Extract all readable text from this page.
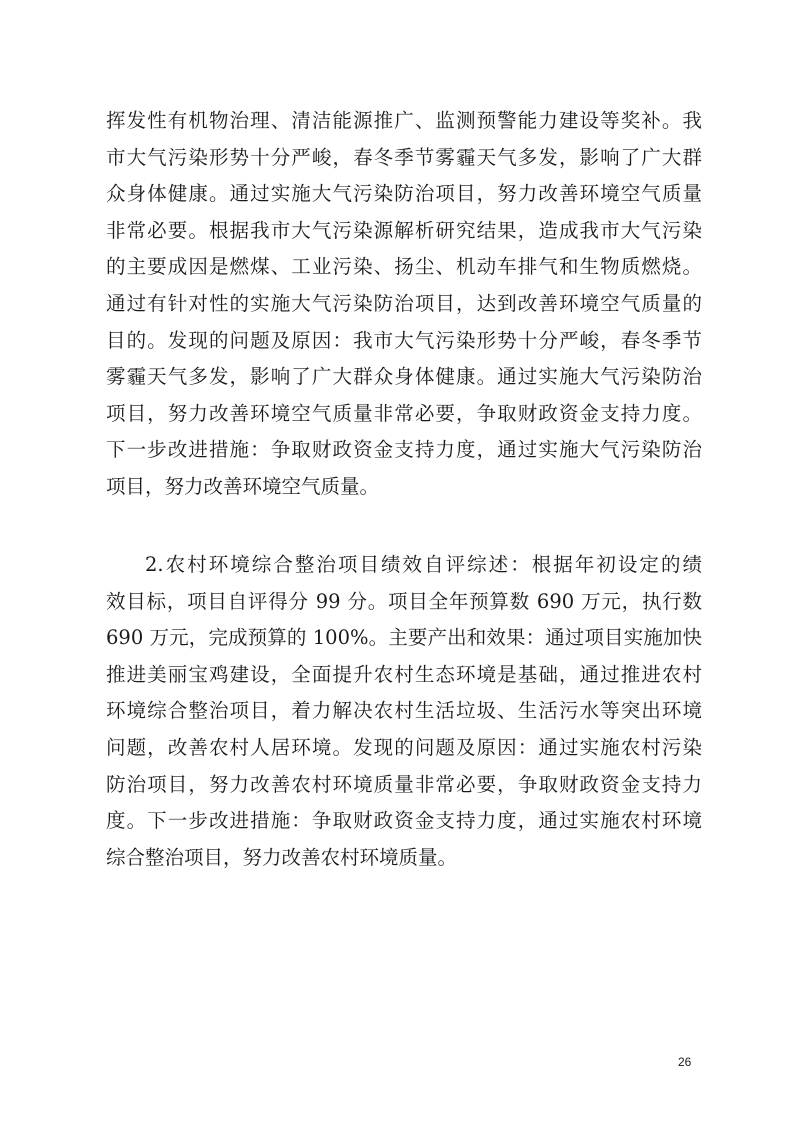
挥发性有机物治理、清洁能源推广、监测预警能力建设等奖补。我
市大气污染形势十分严峻，春冬季节雾霾天气多发，影响了广大群
众身体健康。通过实施大气污染防治项目，努力改善环境空气质量
非常必要。根据我市大气污染源解析研究结果，造成我市大气污染
的主要成因是燃煤、工业污染、扬尘、机动车排气和生物质燃烧。
通过有针对性的实施大气污染防治项目，达到改善环境空气质量的
目的。发现的问题及原因：我市大气污染形势十分严峻，春冬季节
雾霾天气多发，影响了广大群众身体健康。通过实施大气污染防治
项目，努力改善环境空气质量非常必要，争取财政资金支持力度。
下一步改进措施：争取财政资金支持力度，通过实施大气污染防治
项目，努力改善环境空气质量。
2.农村环境综合整治项目绩效自评综述：根据年初设定的绩
效目标，项目自评得分 99 分。项目全年预算数 690 万元，执行数
690 万元，完成预算的 100%。主要产出和效果：通过项目实施加快
推进美丽宝鸡建设，全面提升农村生态环境是基础，通过推进农村
环境综合整治项目，着力解决农村生活垃圾、生活污水等突出环境
问题，改善农村人居环境。发现的问题及原因：通过实施农村污染
防治项目，努力改善农村环境质量非常必要，争取财政资金支持力
度。下一步改进措施：争取财政资金支持力度，通过实施农村环境
综合整治项目，努力改善农村环境质量。
26
